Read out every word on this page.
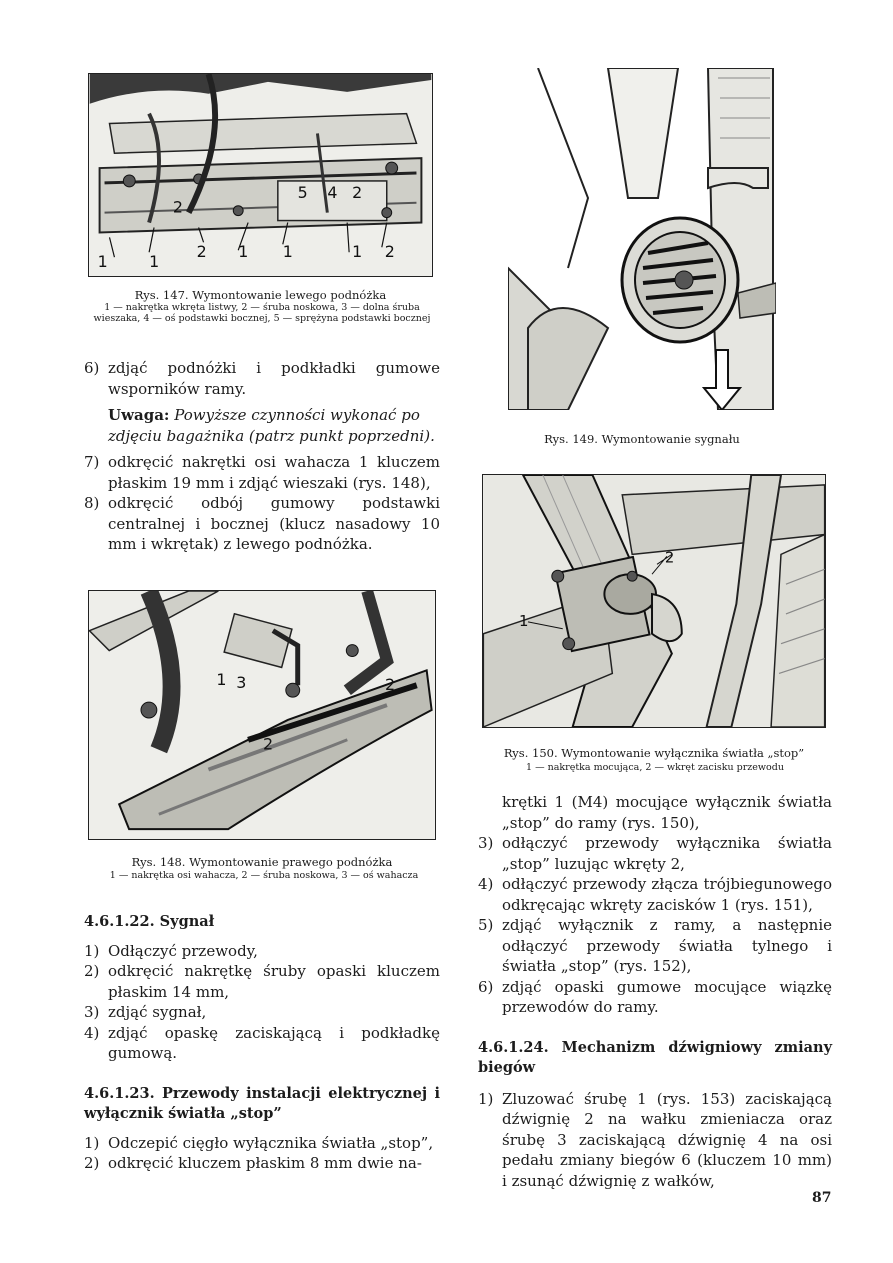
5 4 2
2
1	1
2 1 1	1 2
Rys. 147. Wymontowanie lewego podnóżka
1 — nakrętka wkręta listwy, 2 — śruba noskowa, 3 — dolna śruba wieszaka, 4 — oś podstawki bocznej, 5 — sprężyna podstawki bocznej
6) zdjąć podnóżki i podkładki gumowe wsporników ramy.
Uwaga: Powyższe czynności wykonać po zdjęciu bagażnika (patrz punkt poprzedni).
7) odkręcić nakrętki osi wahacza 1 kluczem płaskim 19 mm i zdjąć wieszaki (rys. 148),
8) odkręcić odbój gumowy podstawki centralnej i bocznej (klucz nasadowy 10 mm i wkrętak) z lewego podnóżka.
1 3	2
2
Rys. 148. Wymontowanie prawego podnóżka
1 — nakrętka osi wahacza, 2 — śruba noskowa, 3 — oś wahacza

4.6.1.22. Sygnał

1) Odłączyć przewody,
2) odkręcić nakrętkę śruby opaski kluczem płaskim 14 mm,
3) zdjąć sygnał,
4) zdjąć opaskę zaciskającą i podkładkę gumową.

4.6.1.23. Przewody instalacji elektrycznej i wyłącznik światła „stop”

1) Odczepić cięgło wyłącznika światła „stop”,
2) odkręcić kluczem płaskim 8 mm dwie na-
Rys. 149. Wymontowanie sygnału
2
1
Rys. 150. Wymontowanie wyłącznika światła „stop”
1 — nakrętka mocująca, 2 — wkręt zacisku przewodu

krętki 1 (M4) mocujące wyłącznik światła „stop” do ramy (rys. 150),

3) odłączyć przewody wyłącznika światła „stop” luzując wkręty 2,
4) odłączyć przewody złącza trójbiegunowego odkręcając wkręty zacisków 1 (rys. 151),
5) zdjąć wyłącznik z ramy, a następnie odłączyć przewody światła tylnego i światła „stop” (rys. 152),
6) zdjąć opaski gumowe mocujące wiązkę przewodów do ramy.

4.6.1.24. Mechanizm dźwigniowy zmiany biegów

1) Zluzować śrubę 1 (rys. 153) zaciskającą dźwignię 2 na wałku zmieniacza oraz śrubę 3 zaciskającą dźwignię 4 na osi pedału zmiany biegów 6 (kluczem 10 mm) i zsunąć dźwignię z wałków,
87
